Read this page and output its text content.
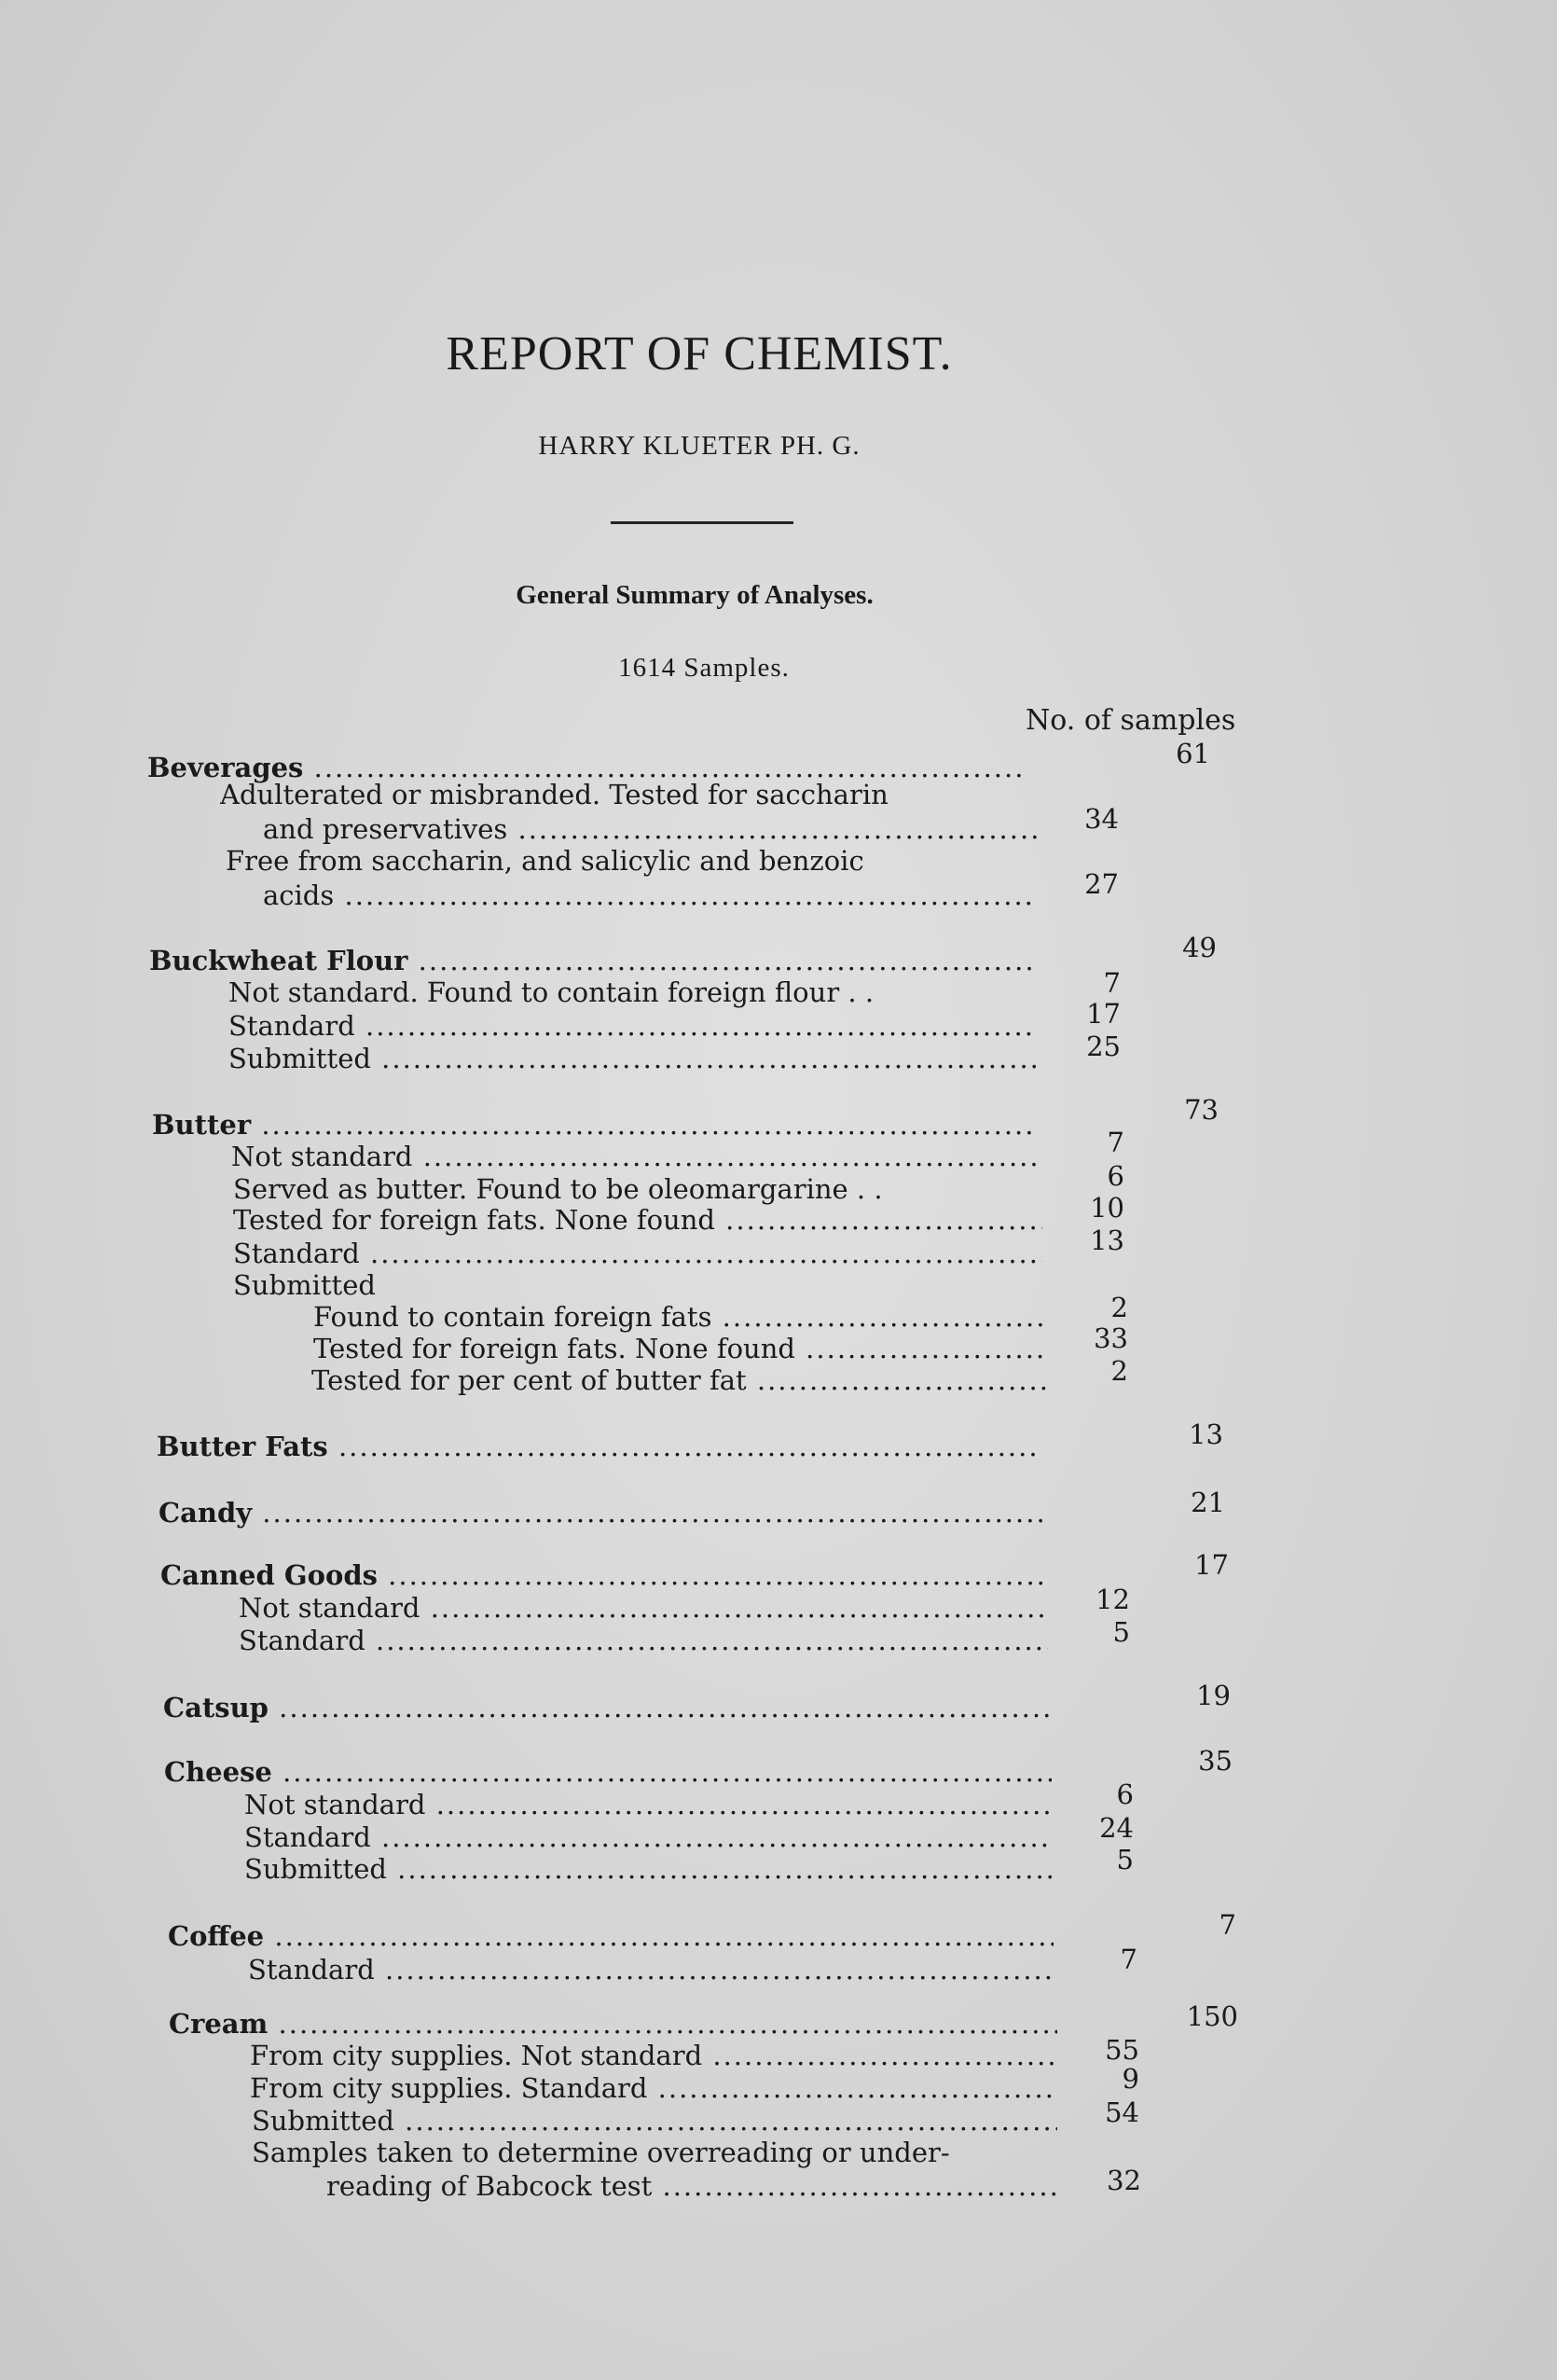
REPORT OF CHEMIST.
HARRY KLUETER PH. G.
General Summary of Analyses.
1614 Samples.
No. of samples
Beverages .....	61
Adulterated or misbranded. Tested for saccharin
and preservatives .....	34
Free from saccharin, and salicylic and benzoic
acids .....	27
Buckwheat Flour .....	49
Not standard. Found to contain foreign flour . .	7
Standard .....	17
Submitted .....	25
Butter .....	73
Not standard .....	7
Served as butter. Found to be oleomargarine . .	6
Tested for foreign fats. None found .....	10
Standard .....	13
Submitted
Found to contain foreign fats .....	2
Tested for foreign fats. None found .....	33
Tested for per cent of butter fat .....	2
Butter Fats .....	13
Candy .....	21
Canned Goods .....	17
Not standard .....	12
Standard .....	5
Catsup .....	19
Cheese .....	35
Not standard .....	6
Standard .....	24
Submitted .....	5
Coffee .....	7
Standard .....	7
Cream .....	150
From city supplies. Not standard .....	55
From city supplies. Standard .....	9
Submitted .....	54
Samples taken to determine overreading or under-
reading of Babcock test .....	32
